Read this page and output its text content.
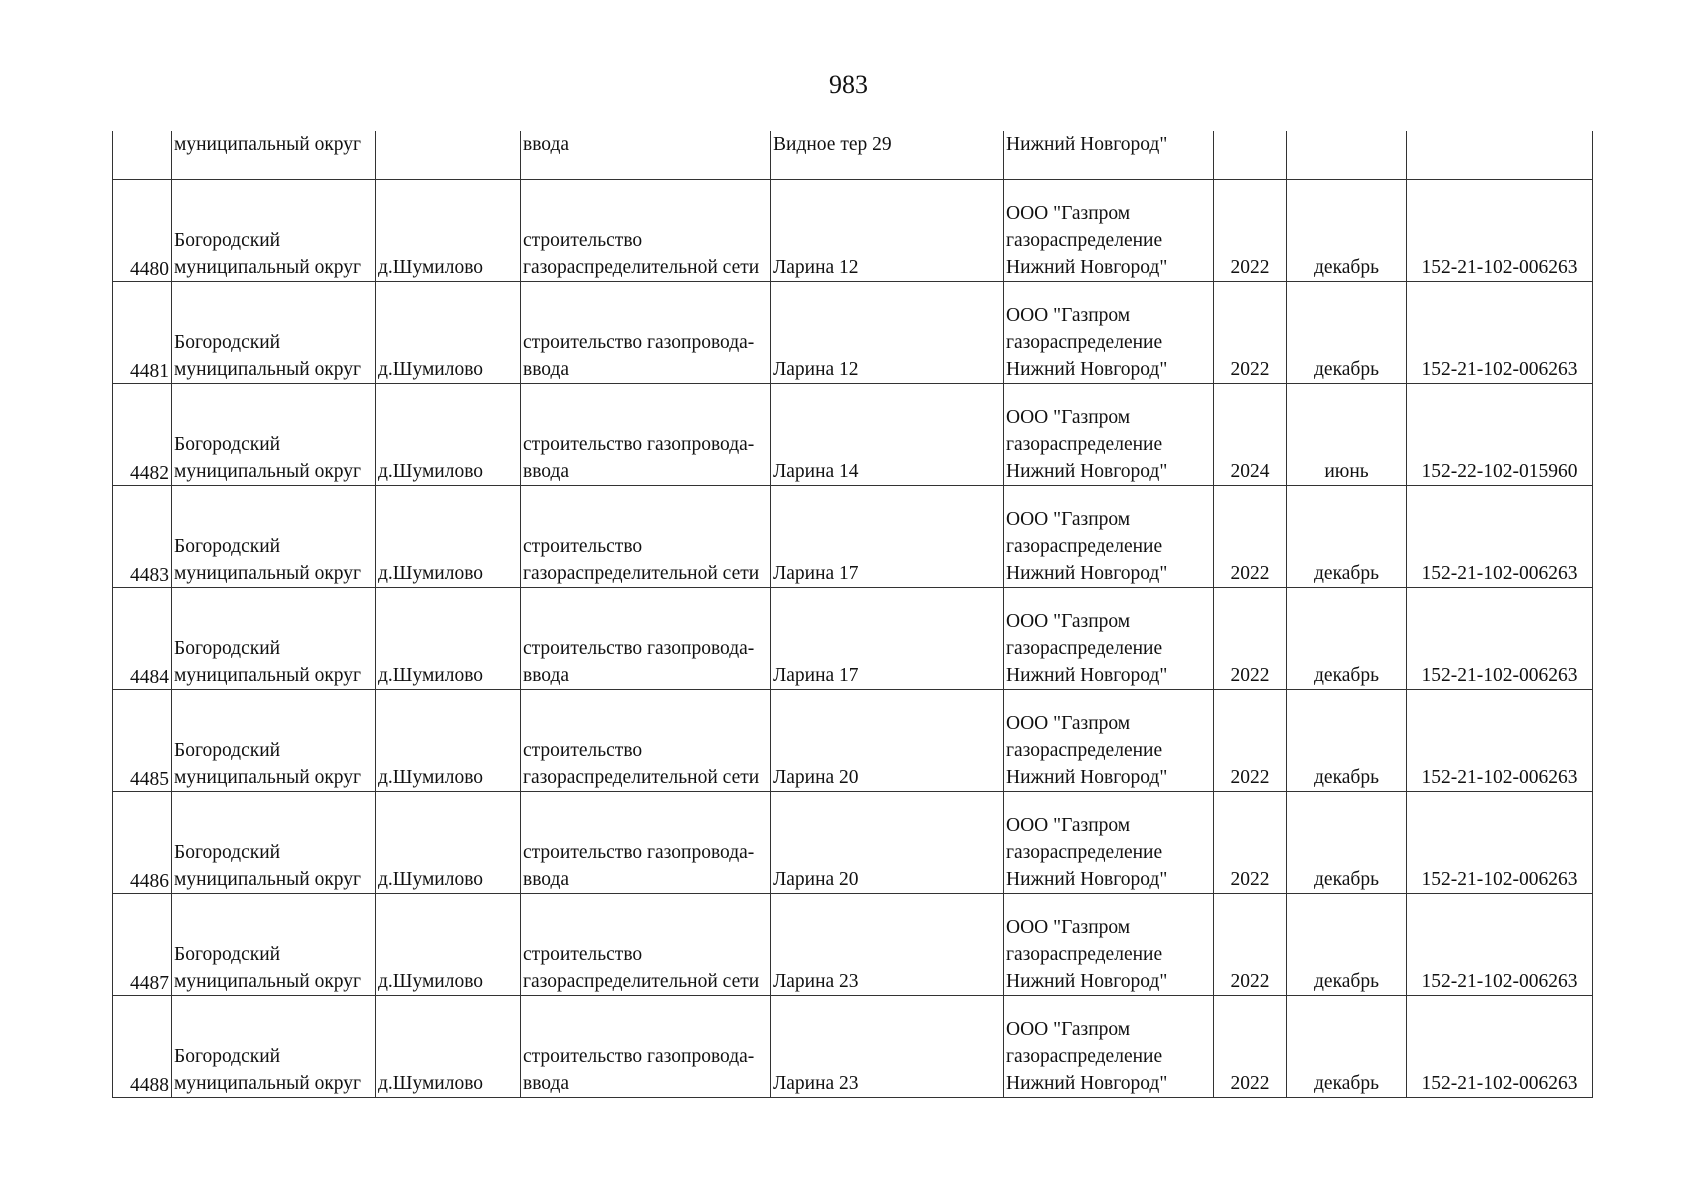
983
	муниципальный округ		ввода	Видное тер 29	Нижний Новгород"			
4480	Богородский
муниципальный округ	д.Шумилово	строительство
газораспределительной сети	Ларина 12	ООО "Газпром
газораспределение
Нижний Новгород"	2022	декабрь	152-21-102-006263
4481	Богородский
муниципальный округ	д.Шумилово	строительство газопровода-
ввода	Ларина 12	ООО "Газпром
газораспределение
Нижний Новгород"	2022	декабрь	152-21-102-006263
4482	Богородский
муниципальный округ	д.Шумилово	строительство газопровода-
ввода	Ларина 14	ООО "Газпром
газораспределение
Нижний Новгород"	2024	июнь	152-22-102-015960
4483	Богородский
муниципальный округ	д.Шумилово	строительство
газораспределительной сети	Ларина 17	ООО "Газпром
газораспределение
Нижний Новгород"	2022	декабрь	152-21-102-006263
4484	Богородский
муниципальный округ	д.Шумилово	строительство газопровода-
ввода	Ларина 17	ООО "Газпром
газораспределение
Нижний Новгород"	2022	декабрь	152-21-102-006263
4485	Богородский
муниципальный округ	д.Шумилово	строительство
газораспределительной сети	Ларина 20	ООО "Газпром
газораспределение
Нижний Новгород"	2022	декабрь	152-21-102-006263
4486	Богородский
муниципальный округ	д.Шумилово	строительство газопровода-
ввода	Ларина 20	ООО "Газпром
газораспределение
Нижний Новгород"	2022	декабрь	152-21-102-006263
4487	Богородский
муниципальный округ	д.Шумилово	строительство
газораспределительной сети	Ларина 23	ООО "Газпром
газораспределение
Нижний Новгород"	2022	декабрь	152-21-102-006263
4488	Богородский
муниципальный округ	д.Шумилово	строительство газопровода-
ввода	Ларина 23	ООО "Газпром
газораспределение
Нижний Новгород"	2022	декабрь	152-21-102-006263
